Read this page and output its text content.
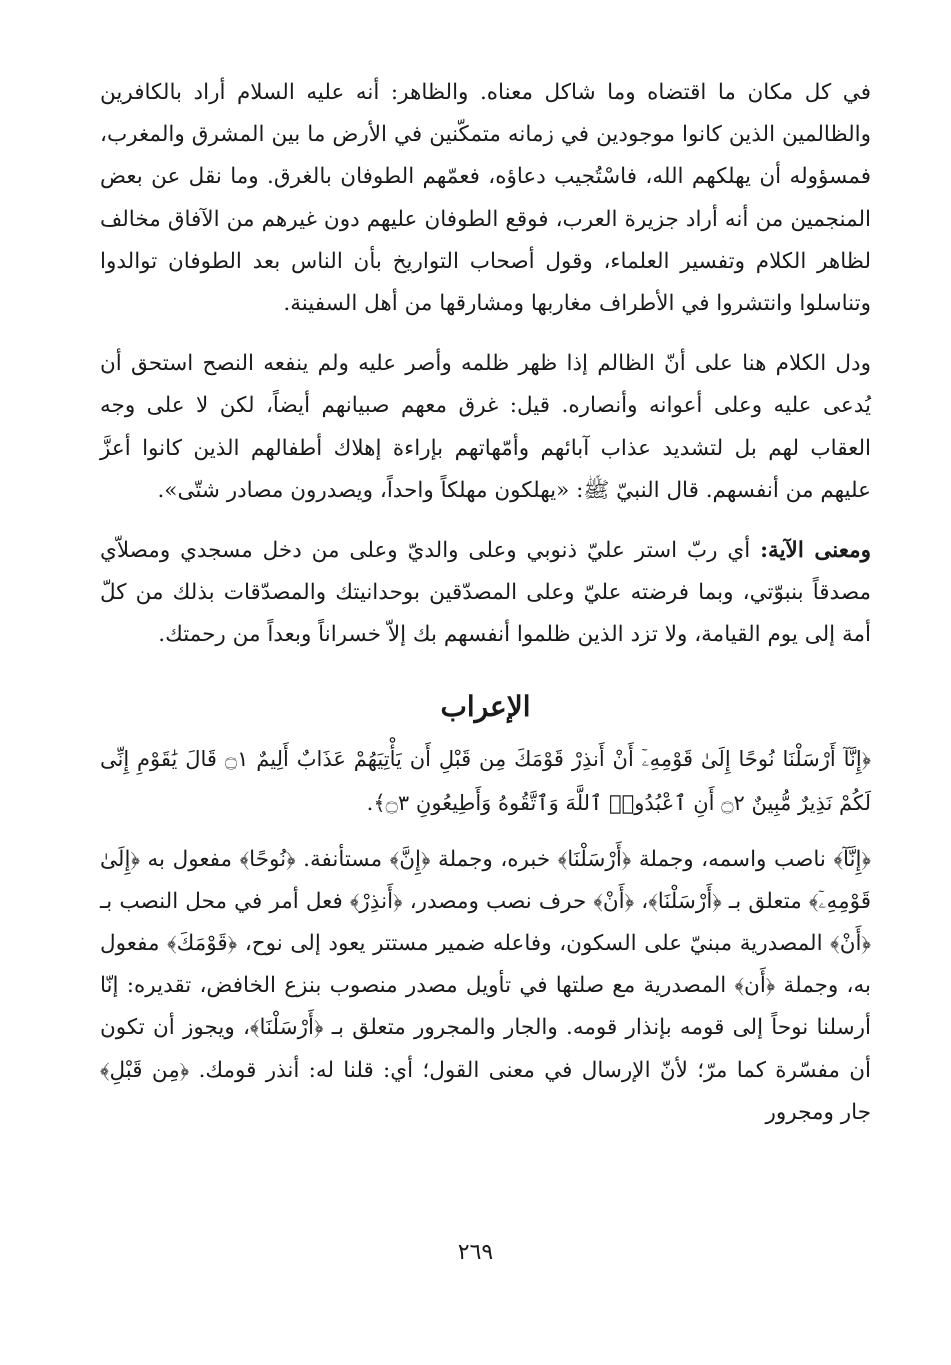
في كل مكان ما اقتضاه وما شاكل معناه. والظاهر: أنه عليه السلام أراد بالكافرين والظالمين الذين كانوا موجودين في زمانه متمكّنين في الأرض ما بين المشرق والمغرب، فمسؤوله أن يهلكهم الله، فاسْتُجيب دعاؤه، فعمّهم الطوفان بالغرق. وما نقل عن بعض المنجمين من أنه أراد جزيرة العرب، فوقع الطوفان عليهم دون غيرهم من الآفاق مخالف لظاهر الكلام وتفسير العلماء، وقول أصحاب التواريخ بأن الناس بعد الطوفان توالدوا وتناسلوا وانتشروا في الأطراف مغاربها ومشارقها من أهل السفينة.

ودل الكلام هنا على أنّ الظالم إذا ظهر ظلمه وأصر عليه ولم ينفعه النصح استحق أن يُدعى عليه وعلى أعوانه وأنصاره. قيل: غرق معهم صبيانهم أيضاً، لكن لا على وجه العقاب لهم بل لتشديد عذاب آبائهم وأمّهاتهم بإراءة إهلاك أطفالهم الذين كانوا أعزَّ عليهم من أنفسهم. قال النبيّ ﷺ: «يهلكون مهلكاً واحداً، ويصدرون مصادر شتّى».

ومعنى الآية: أي ربّ استر عليّ ذنوبي وعلى والديّ وعلى من دخل مسجدي ومصلاّي مصدقاً بنبوّتي، وبما فرضته عليّ وعلى المصدّقين بوحدانيتك والمصدّقات بذلك من كلّ أمة إلى يوم القيامة، ولا تزد الذين ظلموا أنفسهم بك إلاّ خسراناً وبعداً من رحمتك.

الإعراب

﴿إِنَّآ أَرْسَلْنَا نُوحًا إِلَىٰ قَوْمِهِۦٓ أَنْ أَنذِرْ قَوْمَكَ مِن قَبْلِ أَن يَأْتِيَهُمْ عَذَابٌ أَلِيمٌ ۝١ قَالَ يَٰقَوْمِ إِنِّى لَكُمْ نَذِيرٌ مُّبِينٌ ۝٢ أَنِ ٱعْبُدُوا۟ ٱللَّهَ وَٱتَّقُوهُ وَأَطِيعُونِ ۝٣﴾.

﴿إِنَّآ﴾ ناصب واسمه، وجملة ﴿أَرْسَلْنَا﴾ خبره، وجملة ﴿إِنَّ﴾ مستأنفة. ﴿نُوحًا﴾ مفعول به ﴿إِلَىٰ قَوْمِهِۦٓ﴾ متعلق بـ ﴿أَرْسَلْنَا﴾، ﴿أَنْ﴾ حرف نصب ومصدر، ﴿أَنذِرْ﴾ فعل أمر في محل النصب بـ ﴿أَنْ﴾ المصدرية مبنيّ على السكون، وفاعله ضمير مستتر يعود إلى نوح، ﴿قَوْمَكَ﴾ مفعول به، وجملة ﴿أَن﴾ المصدرية مع صلتها في تأويل مصدر منصوب بنزع الخافض، تقديره: إنّا أرسلنا نوحاً إلى قومه بإنذار قومه. والجار والمجرور متعلق بـ ﴿أَرْسَلْنَا﴾، ويجوز أن تكون أن مفسّرة كما مرّ؛ لأنّ الإرسال في معنى القول؛ أي: قلنا له: أنذر قومك. ﴿مِن قَبْلِ﴾ جار ومجرور

٢٦٩
